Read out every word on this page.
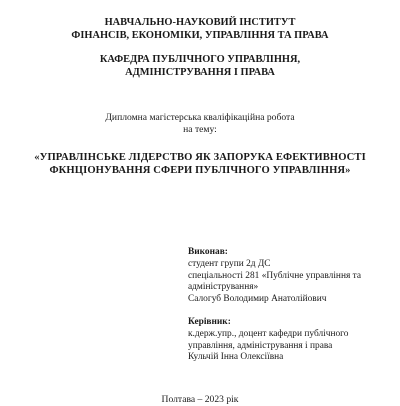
НАВЧАЛЬНО-НАУКОВИЙ ІНСТИТУТ
ФІНАНСІВ, ЕКОНОМІКИ, УПРАВЛІННЯ ТА ПРАВА
КАФЕДРА ПУБЛІЧНОГО УПРАВЛІННЯ,
АДМІНІСТРУВАННЯ І ПРАВА
Дипломна магістерська кваліфікаційна робота
на тему:
«УПРАВЛІНСЬКЕ ЛІДЕРСТВО ЯК ЗАПОРУКА ЕФЕКТИВНОСТІ
ФКНЦІОНУВАННЯ СФЕРИ ПУБЛІЧНОГО УПРАВЛІННЯ»
Виконав:
студент групи 2д ДС
спеціальності 281 «Публічне управління та адміністрування»
Салогуб Володимир Анатолійович
Керівник:
к.держ.упр., доцент кафедри публічного управління, адміністрування і права
Кульчій Інна Олексіївна
Полтава – 2023 рік
